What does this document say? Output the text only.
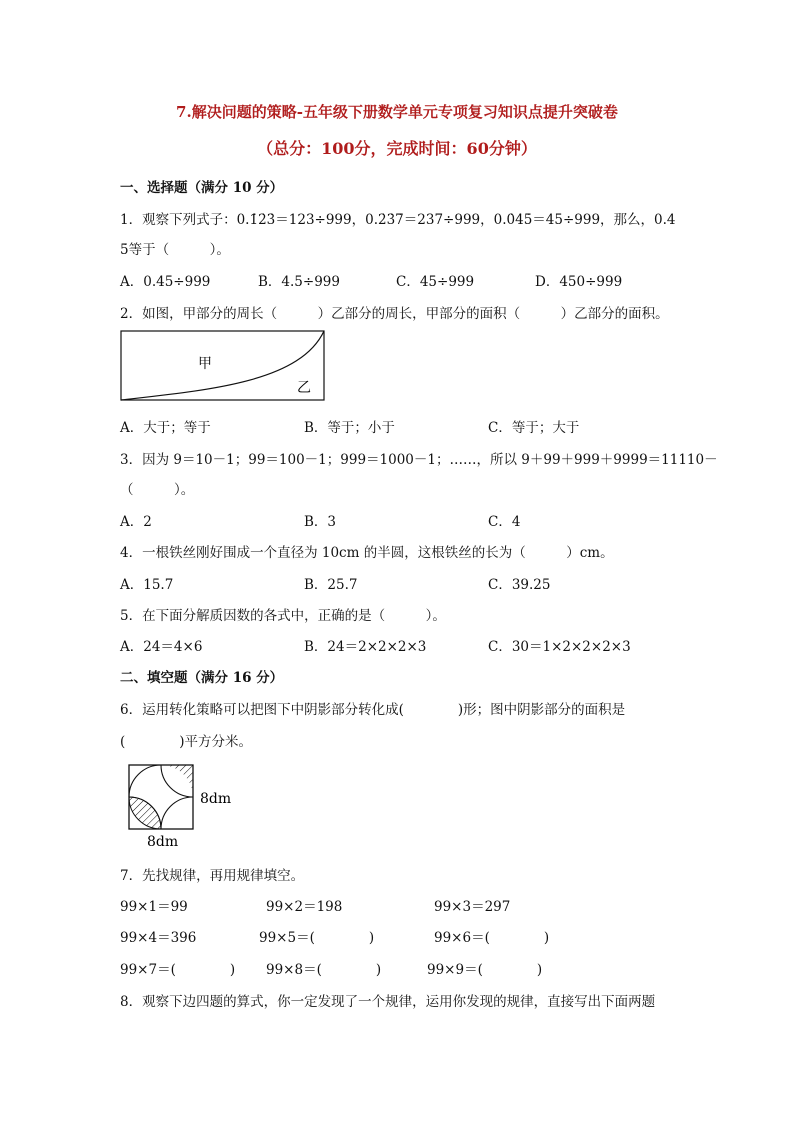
7.解决问题的策略-五年级下册数学单元专项复习知识点提升突破卷
（总分：100分，完成时间：60分钟）
一、选择题（满分 10 分）
1．观察下列式子：0.1̇2̇3̇＝123÷999，0.2̇3̇7̇＝237÷999，0.0̇4̇5̇＝45÷999，那么，0.4
5̇等于（　　　）。
A．0.45÷999	B．4.5÷999	C．45÷999	D．450÷999
2．如图，甲部分的周长（　　　）乙部分的周长，甲部分的面积（　　　）乙部分的面积。
甲
乙
A．大于；等于	B．等于；小于	C．等于；大于
3．因为 9＝10－1；99＝100－1；999＝1000－1；……，所以 9＋99＋999＋9999＝11110－
（　　　）。
A．2	B．3	C．4
4．一根铁丝刚好围成一个直径为 10cm 的半圆，这根铁丝的长为（　　　）cm。
A．15.7	B．25.7	C．39.25
5．在下面分解质因数的各式中，正确的是（　　　）。
A．24＝4×6	B．24＝2×2×2×3	C．30＝1×2×2×2×3
二、填空题（满分 16 分）
6．运用转化策略可以把图下中阴影部分转化成(　　　　)形；图中阴影部分的面积是
(　　　　)平方分米。
8dm
8dm
7．先找规律，再用规律填空。
99×1＝99	99×2＝198	99×3＝297
99×4＝396	99×5＝(　　　　)	99×6＝(　　　　)
99×7＝(　　　　) 99×8＝(　　　　)	99×9＝(　　　　)
8．观察下边四题的算式，你一定发现了一个规律，运用你发现的规律，直接写出下面两题
